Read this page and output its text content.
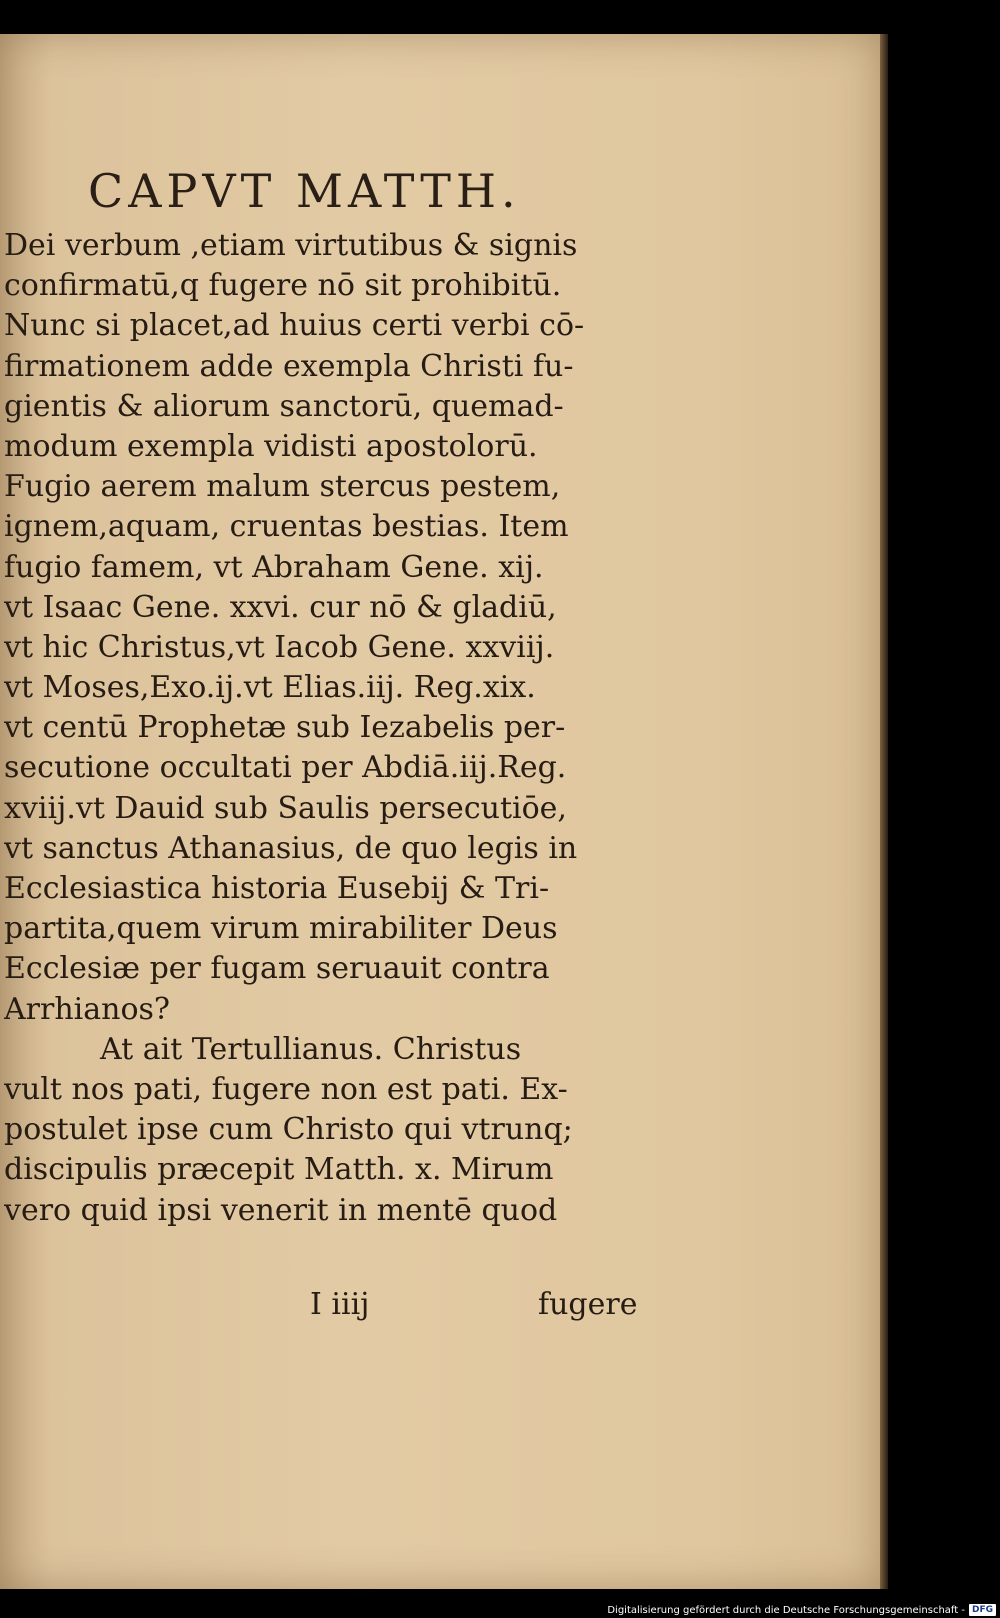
CAPVT MATTH.
Dei verbum ,etiam virtutibus & signis
confirmatū,q fugere nō sit prohibitū.
Nunc si placet,ad huius certi verbi cō-
firmationem adde exempla Christi fu-
gientis & aliorum sanctorū, quemad-
modum exempla vidisti apostolorū.
Fugio aerem malum stercus pestem,
ignem,aquam, cruentas bestias. Item
fugio famem, vt Abraham Gene. xij.
vt Isaac Gene. xxvi. cur nō & gladiū,
vt hic Christus,vt Iacob Gene. xxviij.
vt Moses,Exo.ij.vt Elias.iij. Reg.xix.
vt centū Prophetæ sub Iezabelis per-
secutione occultati per Abdiā.iij.Reg.
xviij.vt Dauid sub Saulis persecutiōe,
vt sanctus Athanasius, de quo legis in
Ecclesiastica historia Eusebij & Tri-
partita,quem virum mirabiliter Deus
Ecclesiæ per fugam seruauit contra
Arrhianos?
At ait Tertullianus. Christus
vult nos pati, fugere non est pati. Ex-
postulet ipse cum Christo qui vtrunq;
discipulis præcepit Matth. x. Mirum
vero quid ipsi venerit in mentē quod
I iiij	fugere
Digitalisierung gefördert durch die Deutsche Forschungsgemeinschaft - DFG
